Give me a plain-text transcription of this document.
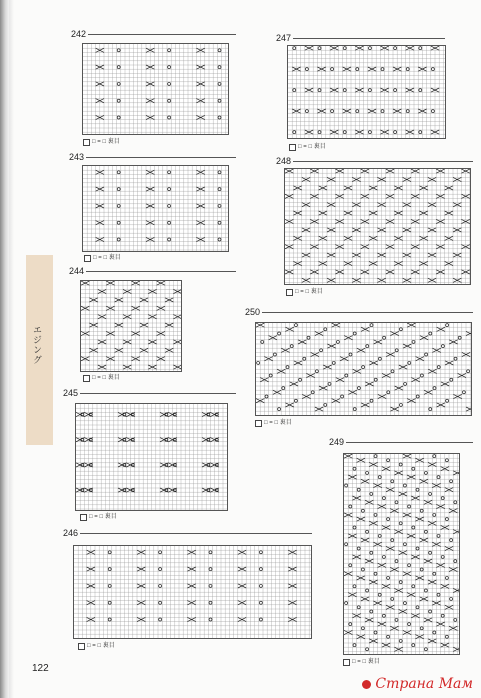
エジング
242
□ = □ 裏目
243
□ = □ 裏目
244
□ = □ 裏目
245
□ = □ 裏目
246
□ = □ 裏目
247
□ = □ 裏目
248
□ = □ 裏目
250
□ = □ 裏目
249
□ = □ 裏目
122
Страна Мам
